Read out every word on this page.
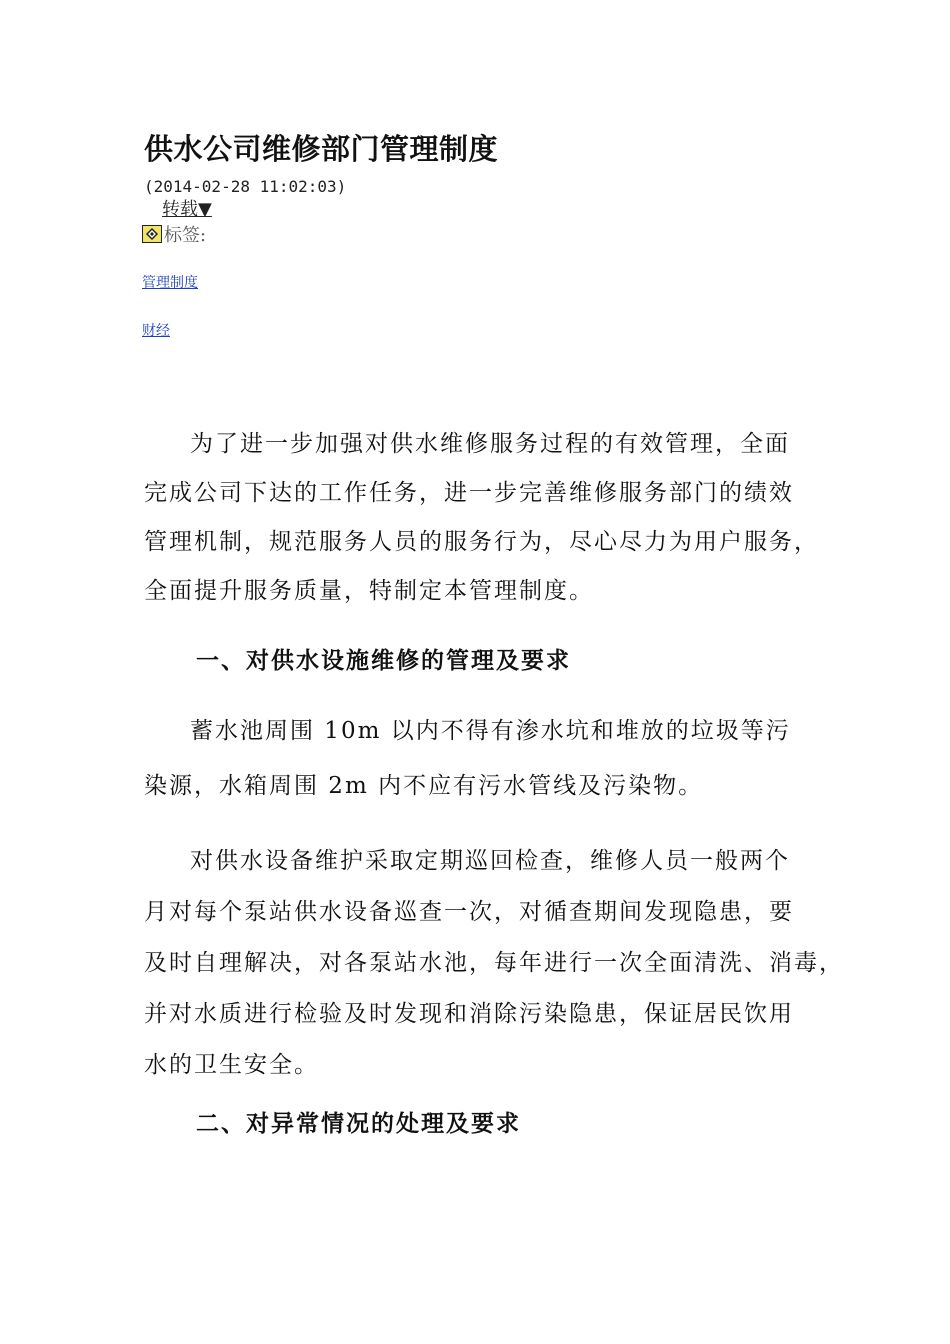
供水公司维修部门管理制度
(2014-02-28 11:02:03)
转载▼
标签:
管理制度
财经
为了进一步加强对供水维修服务过程的有效管理，全面
完成公司下达的工作任务，进一步完善维修服务部门的绩效
管理机制，规范服务人员的服务行为，尽心尽力为用户服务，
全面提升服务质量，特制定本管理制度。
一、对供水设施维修的管理及要求
蓄水池周围 10m 以内不得有渗水坑和堆放的垃圾等污
染源，水箱周围 2m 内不应有污水管线及污染物。
对供水设备维护采取定期巡回检查，维修人员一般两个
月对每个泵站供水设备巡查一次，对循查期间发现隐患，要
及时自理解决，对各泵站水池，每年进行一次全面清洗、消毒，
并对水质进行检验及时发现和消除污染隐患，保证居民饮用
水的卫生安全。
二、对异常情况的处理及要求
